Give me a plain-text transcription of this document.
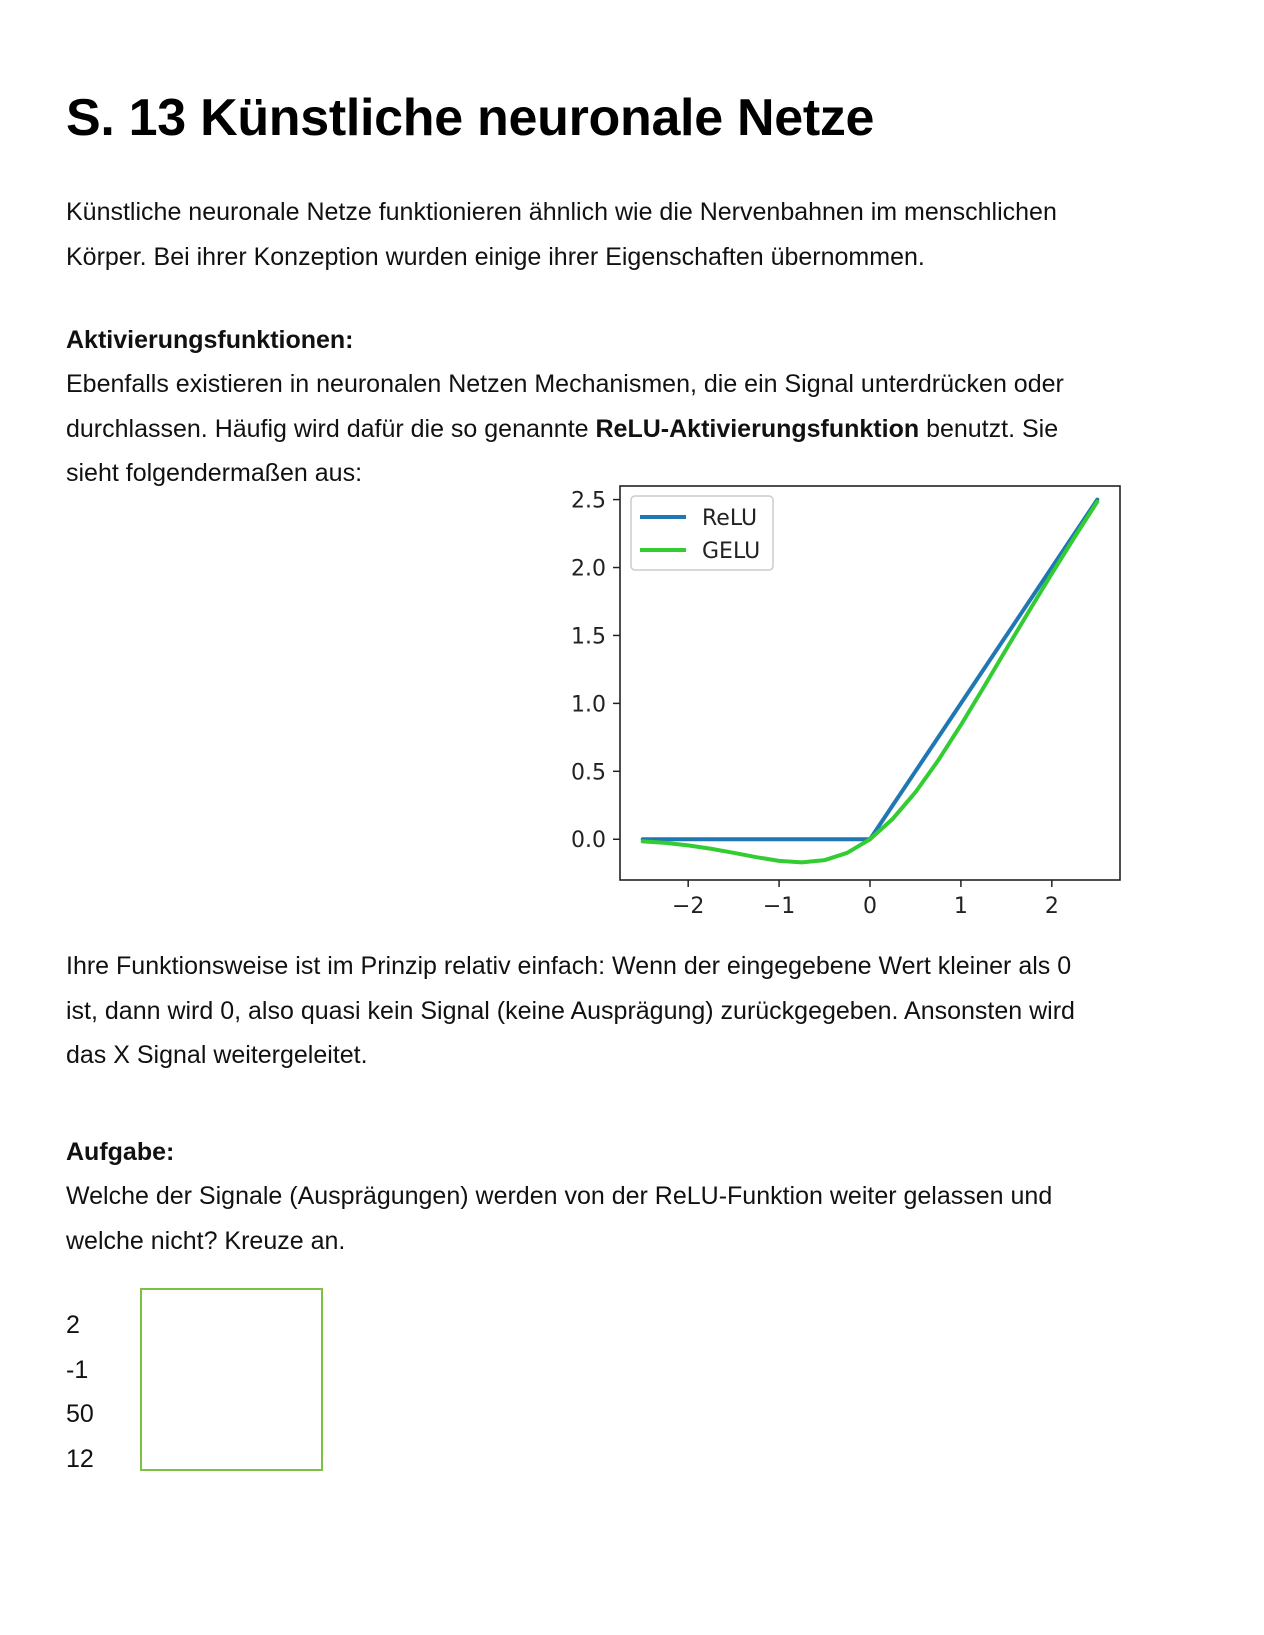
S. 13 Künstliche neuronale Netze

Künstliche neuronale Netze funktionieren ähnlich wie die Nervenbahnen im menschlichen
Körper. Bei ihrer Konzeption wurden einige ihrer Eigenschaften übernommen.

Aktivierungsfunktionen:

Ebenfalls existieren in neuronalen Netzen Mechanismen, die ein Signal unterdrücken oder
durchlassen. Häufig wird dafür die so genannte ReLU-Aktivierungsfunktion benutzt. Sie
sieht folgendermaßen aus:

−2	−1	0	1	2
0.0
0.5
1.0
1.5
2.0
2.5
ReLU
GELU

Ihre Funktionsweise ist im Prinzip relativ einfach: Wenn der eingegebene Wert kleiner als 0
ist, dann wird 0, also quasi kein Signal (keine Ausprägung) zurückgegeben. Ansonsten wird
das X Signal weitergeleitet.

Aufgabe:

Welche der Signale (Ausprägungen) werden von der ReLU-Funktion weiter gelassen und
welche nicht? Kreuze an.

2
-1
50
12
